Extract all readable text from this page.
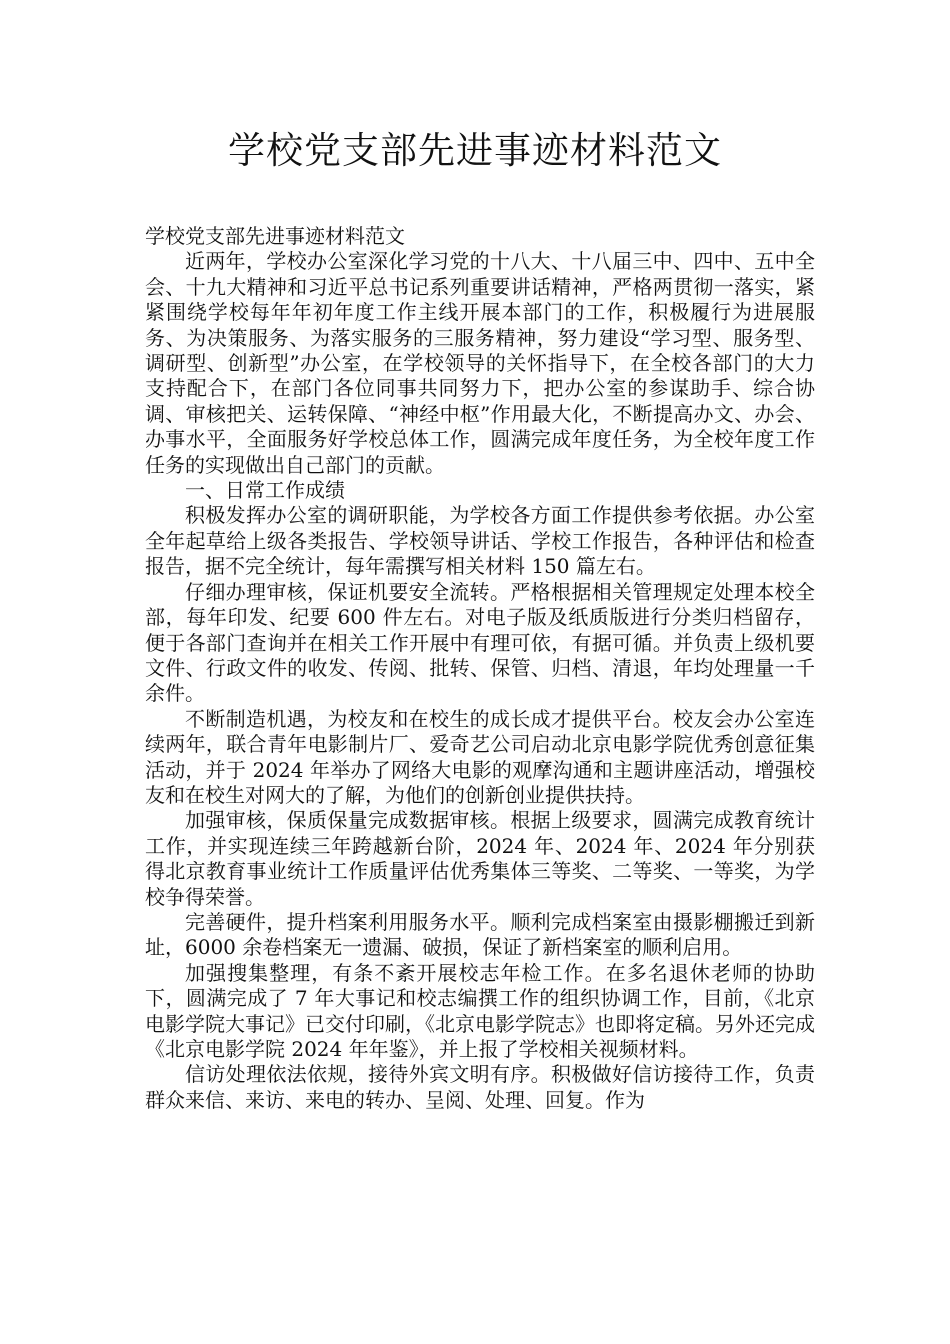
学校党支部先进事迹材料范文

学校党支部先进事迹材料范文

近两年，学校办公室深化学习党的十八大、十八届三中、四中、五中全会、十九大精神和习近平总书记系列重要讲话精神，严格两贯彻一落实，紧紧围绕学校每年年初年度工作主线开展本部门的工作，积极履行为进展服务、为决策服务、为落实服务的三服务精神，努力建设“学习型、服务型、调研型、创新型”办公室，在学校领导的关怀指导下，在全校各部门的大力支持配合下，在部门各位同事共同努力下，把办公室的参谋助手、综合协调、审核把关、运转保障、“神经中枢”作用最大化，不断提高办文、办会、办事水平，全面服务好学校总体工作，圆满完成年度任务，为全校年度工作任务的实现做出自己部门的贡献。

一、日常工作成绩

积极发挥办公室的调研职能，为学校各方面工作提供参考依据。办公室全年起草给上级各类报告、学校领导讲话、学校工作报告，各种评估和检查报告，据不完全统计，每年需撰写相关材料 150 篇左右。

仔细办理审核，保证机要安全流转。严格根据相关管理规定处理本校全部，每年印发、纪要 600 件左右。对电子版及纸质版进行分类归档留存，便于各部门查询并在相关工作开展中有理可依，有据可循。并负责上级机要文件、行政文件的收发、传阅、批转、保管、归档、清退，年均处理量一千余件。

不断制造机遇，为校友和在校生的成长成才提供平台。校友会办公室连续两年，联合青年电影制片厂、爱奇艺公司启动北京电影学院优秀创意征集活动，并于 2024 年举办了网络大电影的观摩沟通和主题讲座活动，增强校友和在校生对网大的了解，为他们的创新创业提供扶持。

加强审核，保质保量完成数据审核。根据上级要求，圆满完成教育统计工作，并实现连续三年跨越新台阶，2024 年、2024 年、2024 年分别获得北京教育事业统计工作质量评估优秀集体三等奖、二等奖、一等奖，为学校争得荣誉。

完善硬件，提升档案利用服务水平。顺利完成档案室由摄影棚搬迁到新址，6000 余卷档案无一遗漏、破损，保证了新档案室的顺利启用。

加强搜集整理，有条不紊开展校志年检工作。在多名退休老师的协助下，圆满完成了 7 年大事记和校志编撰工作的组织协调工作，目前，《北京电影学院大事记》已交付印刷，《北京电影学院志》也即将定稿。另外还完成《北京电影学院 2024 年年鉴》，并上报了学校相关视频材料。

信访处理依法依规，接待外宾文明有序。积极做好信访接待工作，负责群众来信、来访、来电的转办、呈阅、处理、回复。作为
